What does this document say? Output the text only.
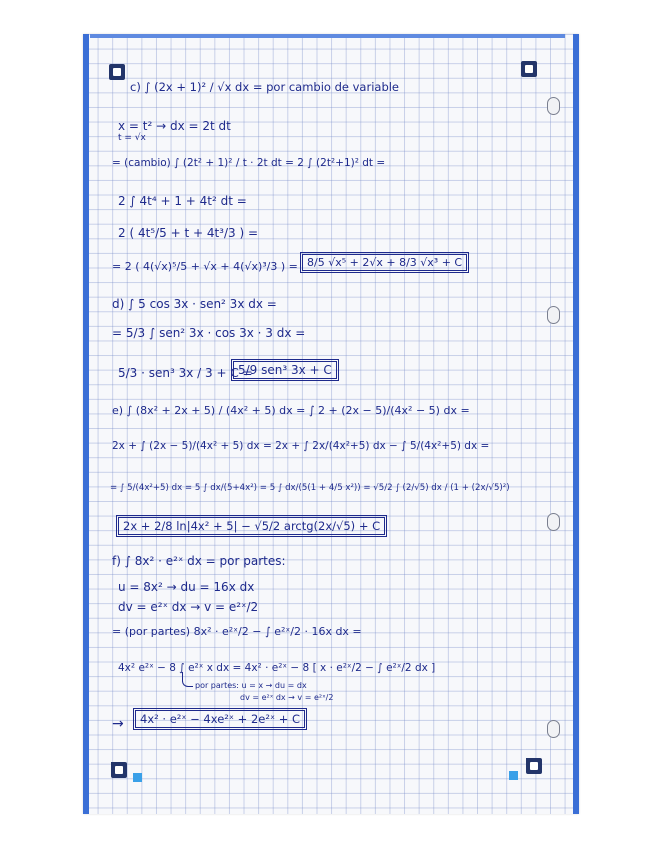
c) ∫ (2x + 1)² / √x dx = por cambio de variable
x = t² → dx = 2t dt
t = √x
= (cambio) ∫ (2t² + 1)² / t · 2t dt = 2 ∫ (2t²+1)² dt =
2 ∫ 4t⁴ + 1 + 4t² dt =
2 ( 4t⁵/5 + t + 4t³/3 ) =
= 2 ( 4(√x)⁵/5 + √x + 4(√x)³/3 ) = 8/5 √x⁵ + 2√x + 8/3 √x³ + C
d) ∫ 5 cos 3x · sen² 3x dx =
= 5/3 ∫ sen² 3x · cos 3x · 3 dx =
5/3 · sen³ 3x / 3 + C =
5/9 sen³ 3x + C
e) ∫ (8x² + 2x + 5) / (4x² + 5) dx = ∫ 2 + (2x − 5)/(4x² − 5) dx =
2x + ∫ (2x − 5)/(4x² + 5) dx = 2x + ∫ 2x/(4x²+5) dx − ∫ 5/(4x²+5) dx =
= ∫ 5/(4x²+5) dx = 5 ∫ dx/(5+4x²) = 5 ∫ dx/(5(1 + 4/5 x²)) = √5/2 ∫ (2/√5) dx / (1 + (2x/√5)²)
2x + 2/8 ln|4x² + 5| − √5/2 arctg(2x/√5) + C
f) ∫ 8x² · e²ˣ dx = por partes:
u = 8x² → du = 16x dx
dv = e²ˣ dx → v = e²ˣ/2
= (por partes) 8x² · e²ˣ/2 − ∫ e²ˣ/2 · 16x dx =
4x² e²ˣ − 8 ∫ e²ˣ x dx = 4x² · e²ˣ − 8 [ x · e²ˣ/2 − ∫ e²ˣ/2 dx ]
por partes: u = x → du = dx
dv = e²ˣ dx → v = e²ˣ/2
→	4x² · e²ˣ − 4xe²ˣ + 2e²ˣ + C
